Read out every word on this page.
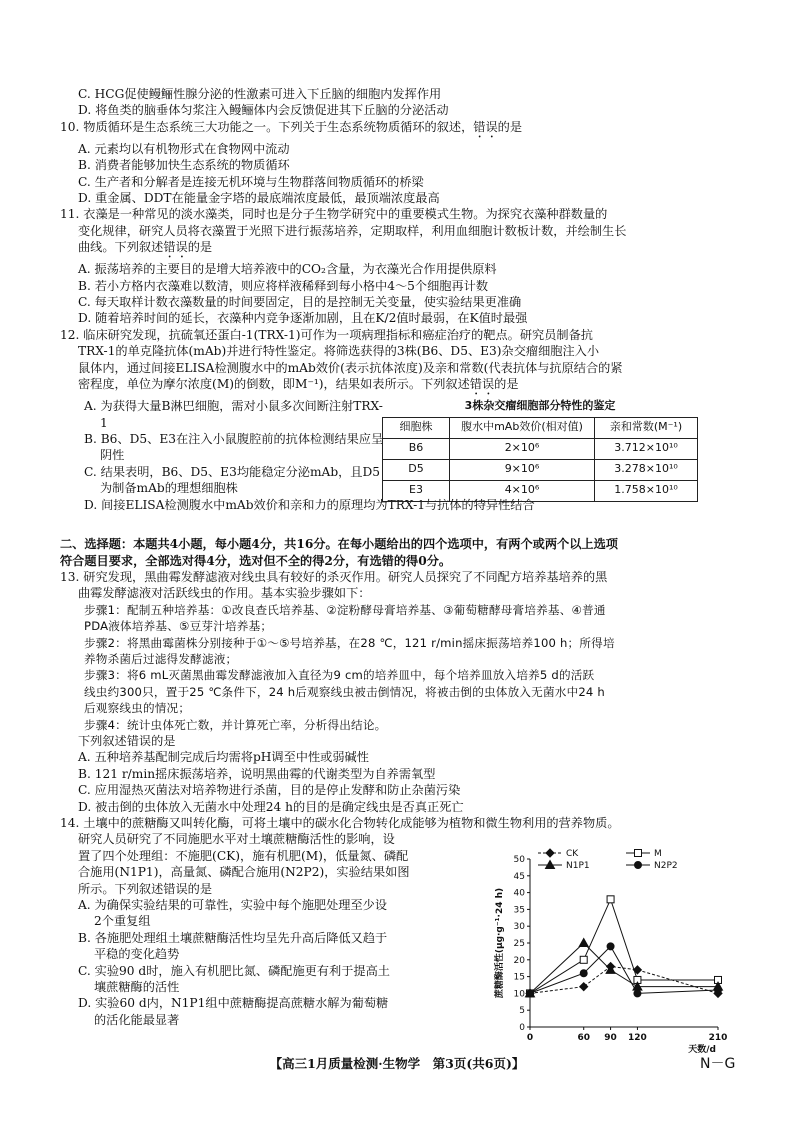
C. HCG促使鳗鲡性腺分泌的性激素可进入下丘脑的细胞内发挥作用

D. 将鱼类的脑垂体匀浆注入鳗鲡体内会反馈促进其下丘脑的分泌活动

10. 物质循环是生态系统三大功能之一。下列关于生态系统物质循环的叙述，错误的是

A. 元素均以有机物形式在食物网中流动

B. 消费者能够加快生态系统的物质循环

C. 生产者和分解者是连接无机环境与生物群落间物质循环的桥梁

D. 重金属、DDT在能量金字塔的最底端浓度最低，最顶端浓度最高

11. 衣藻是一种常见的淡水藻类，同时也是分子生物学研究中的重要模式生物。为探究衣藻种群数量的

变化规律，研究人员将衣藻置于光照下进行振荡培养，定期取样，利用血细胞计数板计数，并绘制生长

曲线。下列叙述错误的是

A. 振荡培养的主要目的是增大培养液中的CO₂含量，为衣藻光合作用提供原料

B. 若小方格内衣藻难以数清，则应将样液稀释到每小格中4～5个细胞再计数

C. 每天取样计数衣藻数量的时间要固定，目的是控制无关变量，使实验结果更准确

D. 随着培养时间的延长，衣藻种内竞争逐渐加剧，且在K/2值时最弱，在K值时最强

12. 临床研究发现，抗硫氧还蛋白-1(TRX-1)可作为一项病理指标和癌症治疗的靶点。研究员制备抗

TRX-1的单克隆抗体(mAb)并进行特性鉴定。将筛选获得的3株(B6、D5、E3)杂交瘤细胞注入小

鼠体内，通过间接ELISA检测腹水中的mAb效价(表示抗体浓度)及亲和常数(代表抗体与抗原结合的紧

密程度，单位为摩尔浓度(M)的倒数，即M⁻¹)，结果如表所示。下列叙述错误的是

A. 为获得大量B淋巴细胞，需对小鼠多次间断注射TRX-1

B. B6、D5、E3在注入小鼠腹腔前的抗体检测结果应呈阴性

C. 结果表明，B6、D5、E3均能稳定分泌mAb，且D5为制备mAb的理想细胞株

D. 间接ELISA检测腹水中mAb效价和亲和力的原理均为TRX-1与抗体的特异性结合

3株杂交瘤细胞部分特性的鉴定
细胞株	腹水中mAb效价(相对值)	亲和常数(M⁻¹)
B6	2×10⁶	3.712×10¹⁰
D5	9×10⁶	3.278×10¹⁰
E3	4×10⁶	1.758×10¹⁰

二、选择题：本题共4小题，每小题4分，共16分。在每小题给出的四个选项中，有两个或两个以上选项

符合题目要求，全部选对得4分，选对但不全的得2分，有选错的得0分。

13. 研究发现，黑曲霉发酵滤液对线虫具有较好的杀灭作用。研究人员探究了不同配方培养基培养的黑

曲霉发酵滤液对活跃线虫的作用。基本实验步骤如下：

步骤1：配制五种培养基：①改良查氏培养基、②淀粉酵母膏培养基、③葡萄糖酵母膏培养基、④普通

PDA液体培养基、⑤豆芽汁培养基；

步骤2：将黑曲霉菌株分别接种于①～⑤号培养基，在28 ℃，121 r/min摇床振荡培养100 h；所得培

养物杀菌后过滤得发酵滤液；

步骤3：将6 mL灭菌黑曲霉发酵滤液加入直径为9 cm的培养皿中，每个培养皿放入培养5 d的活跃

线虫约300只，置于25 ℃条件下，24 h后观察线虫被击倒情况，将被击倒的虫体放入无菌水中24 h

后观察线虫的情况；

步骤4：统计虫体死亡数，并计算死亡率，分析得出结论。

下列叙述错误的是

A. 五种培养基配制完成后均需将pH调至中性或弱碱性

B. 121 r/min摇床振荡培养，说明黑曲霉的代谢类型为自养需氧型

C. 应用湿热灭菌法对培养物进行杀菌，目的是停止发酵和防止杂菌污染

D. 被击倒的虫体放入无菌水中处理24 h的目的是确定线虫是否真正死亡

14. 土壤中的蔗糖酶又叫转化酶，可将土壤中的碳水化合物转化成能够为植物和微生物利用的营养物质。

研究人员研究了不同施肥水平对土壤蔗糖酶活性的影响，设

置了四个处理组：不施肥(CK)，施有机肥(M)，低量氮、磷配

合施用(N1P1)，高量氮、磷配合施用(N2P2)，实验结果如图

所示。下列叙述错误的是

A. 为确保实验结果的可靠性，实验中每个施肥处理至少设

2个重复组

B. 各施肥处理组土壤蔗糖酶活性均呈先升高后降低又趋于

平稳的变化趋势

C. 实验90 d时，施入有机肥比氮、磷配施更有利于提高土

壤蔗糖酶的活性

D. 实验60 d内，N1P1组中蔗糖酶提高蔗糖水解为葡萄糖

的活化能最显著

0
5
10
15
20
25
30
35
40
45
50
0	60 90 120	210
天数/d
蔗糖酶活性(μg·g⁻¹·24 h)
CK	M
N1P1	N2P2
【高三1月质量检测·生物学　第3页(共6页)】	N－G
